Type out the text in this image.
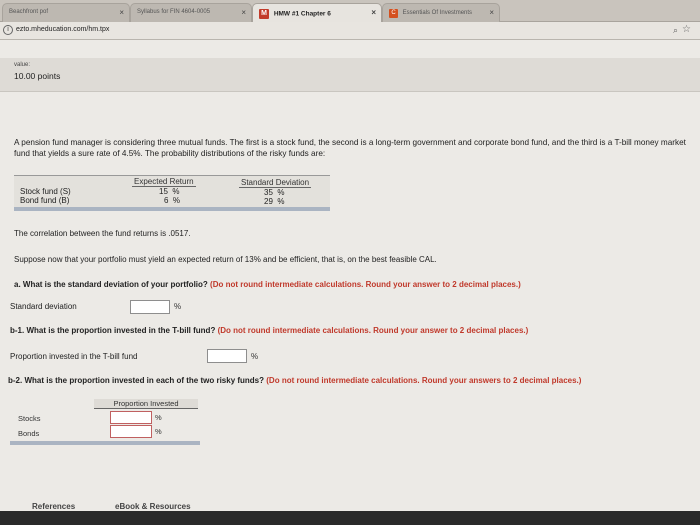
Beachfront pof	×	Syllabus for FIN 4604-0005	×	M HMW #1 Chapter 6	×	C Essentials Of Investments ×
i	ezto.mheducation.com/hm.tpx	⌕ ☆
value:
10.00 points
A pension fund manager is considering three mutual funds. The first is a stock fund, the second is a long-term government and corporate bond fund, and the third is a T-bill money market fund that yields a sure rate of 4.5%. The probability distributions of the risky funds are:
Expected Return	Standard Deviation
Stock fund (S)	15 %	35 %
Bond fund (B)	6 %	29 %
The correlation between the fund returns is .0517.
Suppose now that your portfolio must yield an expected return of 13% and be efficient, that is, on the best feasible CAL.
a. What is the standard deviation of your portfolio? (Do not round intermediate calculations. Round your answer to 2 decimal places.)
Standard deviation	%
b-1. What is the proportion invested in the T-bill fund? (Do not round intermediate calculations. Round your answer to 2 decimal places.)
Proportion invested in the T-bill fund	%
b-2. What is the proportion invested in each of the two risky funds? (Do not round intermediate calculations. Round your answers to 2 decimal places.)
Proportion Invested
Stocks	%
Bonds	%
References	eBook & Resources
